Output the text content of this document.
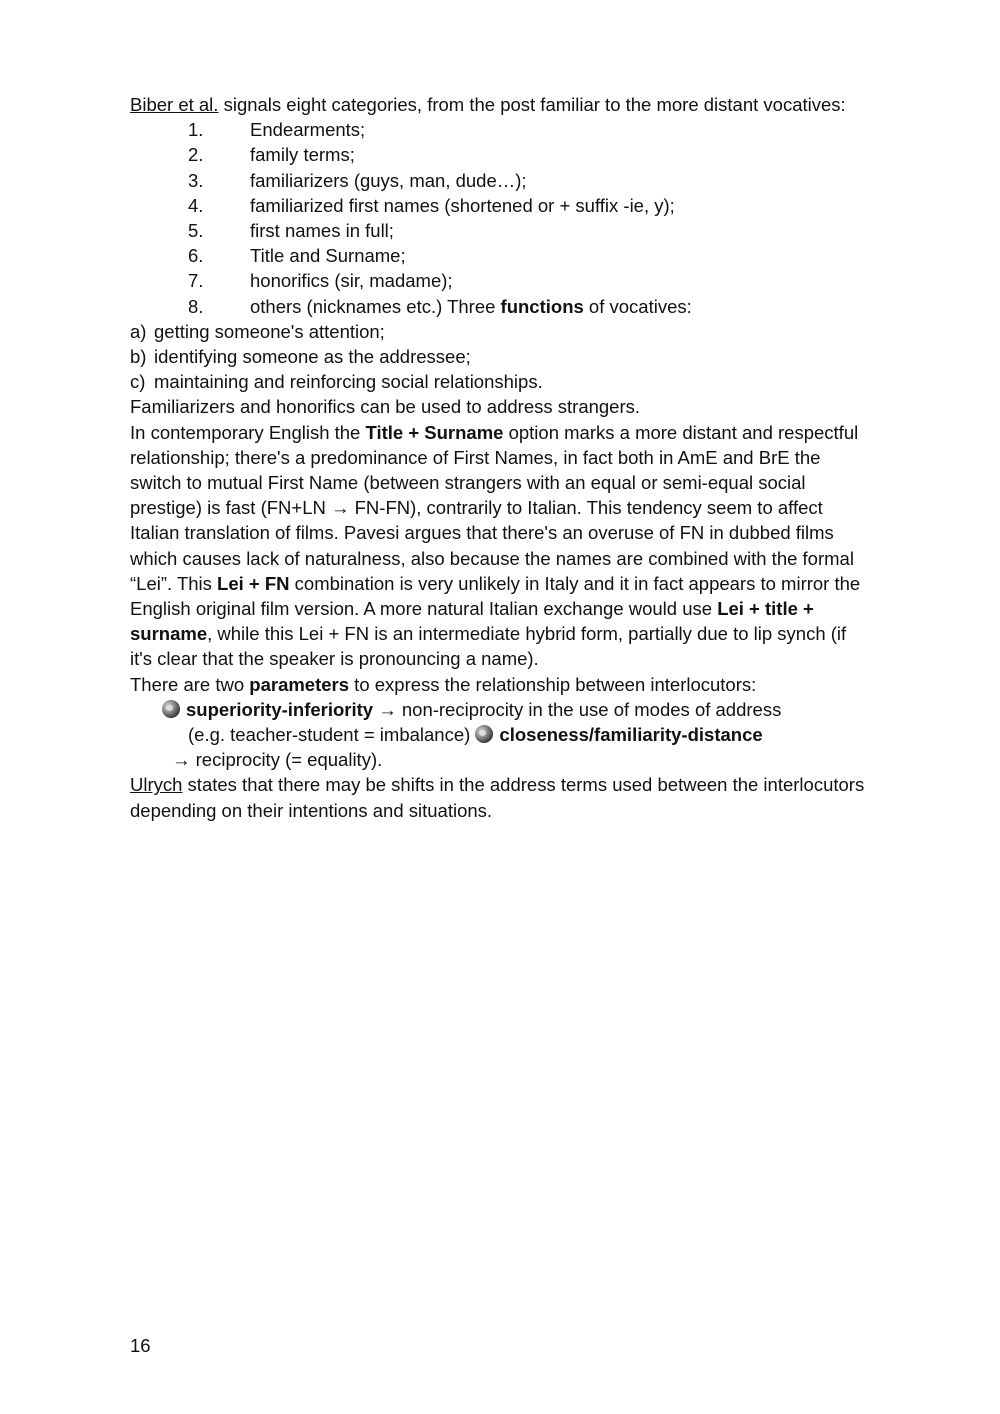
Biber et al. signals eight categories, from the post familiar to the more distant vocatives:
1.	Endearments;
2.	family terms;
3.	familiarizers (guys, man, dude…);
4.	familiarized first names (shortened or + suffix -ie, y);
5.	first names in full;
6.	Title and Surname;
7.	honorifics (sir, madame);
8.	others (nicknames etc.) Three functions of vocatives:
a) getting someone's attention;
b) identifying someone as the addressee;
c) maintaining and reinforcing social relationships.
Familiarizers and honorifics can be used to address strangers.
In contemporary English the Title + Surname option marks a more distant and respectful relationship; there's a predominance of First Names, in fact both in AmE and BrE the switch to mutual First Name (between strangers with an equal or semi-equal social prestige) is fast (FN+LN → FN-FN), contrarily to Italian. This tendency seem to affect Italian translation of films. Pavesi argues that there's an overuse of FN in dubbed films which causes lack of naturalness, also because the names are combined with the formal “Lei”. This Lei + FN combination is very unlikely in Italy and it in fact appears to mirror the English original film version. A more natural Italian exchange would use Lei + title + surname, while this Lei + FN is an intermediate hybrid form, partially due to lip synch (if it's clear that the speaker is pronouncing a name).
There are two parameters to express the relationship between interlocutors:
superiority-inferiority → non-reciprocity in the use of modes of address
(e.g. teacher-student = imbalance) closeness/familiarity-distance
→ reciprocity (= equality).
Ulrych states that there may be shifts in the address terms used between the interlocutors depending on their intentions and situations.
16
